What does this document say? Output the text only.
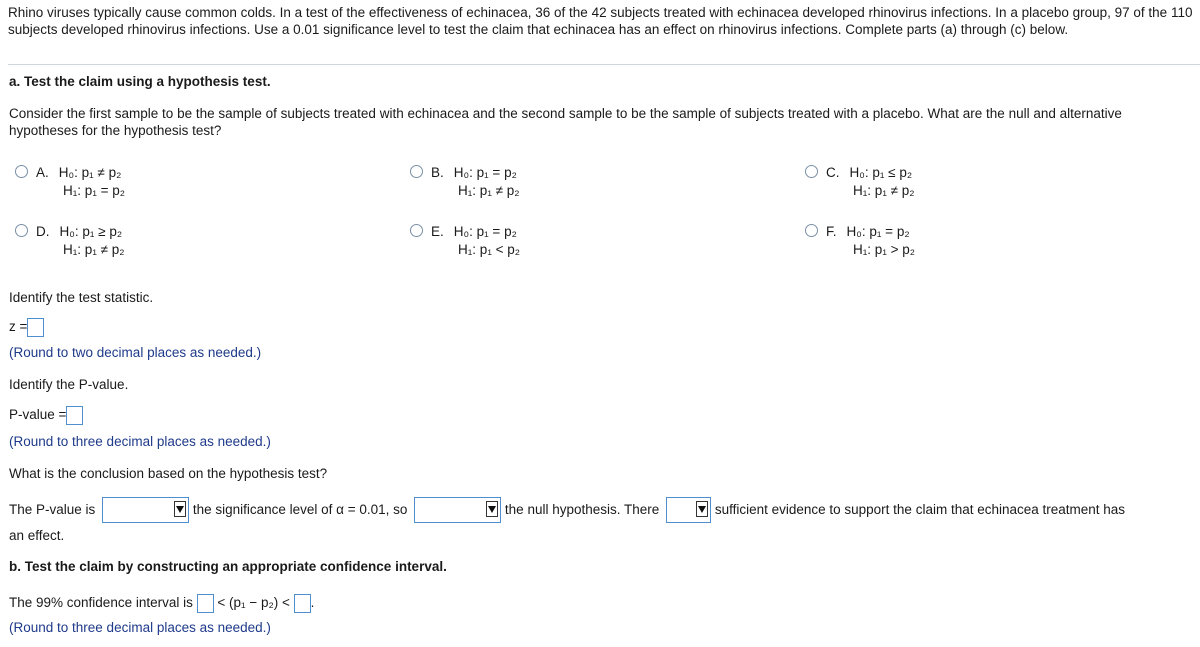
Rhino viruses typically cause common colds. In a test of the effectiveness of echinacea, 36 of the 42 subjects treated with echinacea developed rhinovirus infections. In a placebo group, 97 of the 110 subjects developed rhinovirus infections. Use a 0.01 significance level to test the claim that echinacea has an effect on rhinovirus infections. Complete parts (a) through (c) below.
a. Test the claim using a hypothesis test.
Consider the first sample to be the sample of subjects treated with echinacea and the second sample to be the sample of subjects treated with a placebo. What are the null and alternative hypotheses for the hypothesis test?
A. H₀: p₁ ≠ p₂
H₁: p₁ = p₂
B. H₀: p₁ = p₂
H₁: p₁ ≠ p₂
C. H₀: p₁ ≤ p₂
H₁: p₁ ≠ p₂
D. H₀: p₁ ≥ p₂
H₁: p₁ ≠ p₂
E. H₀: p₁ = p₂
H₁: p₁ < p₂
F. H₀: p₁ = p₂
H₁: p₁ > p₂
Identify the test statistic.
z =
(Round to two decimal places as needed.)
Identify the P-value.
P-value =
(Round to three decimal places as needed.)
What is the conclusion based on the hypothesis test?
The P-value is	the significance level of α = 0.01, so	the null hypothesis. There	sufficient evidence to support the claim that echinacea treatment has
an effect.
b. Test the claim by constructing an appropriate confidence interval.
The 99% confidence interval is < (p₁ − p₂) < .
(Round to three decimal places as needed.)
